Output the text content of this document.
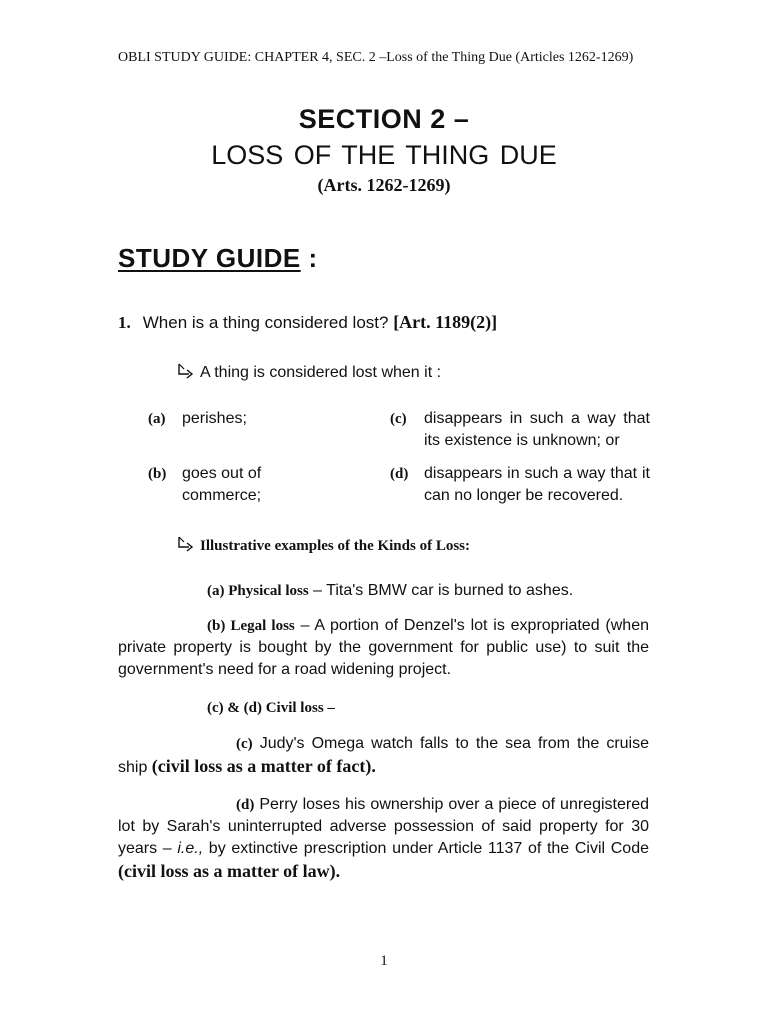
OBLI STUDY GUIDE: CHAPTER 4, SEC. 2 –Loss of the Thing Due (Articles 1262-1269)
SECTION 2 –
LOSS OF THE THING DUE
(Arts. 1262-1269)
STUDY GUIDE :
1. When is a thing considered lost? [Art. 1189(2)]
A thing is considered lost when it :
(a) perishes;
(b) goes out of commerce;
(c) disappears in such a way that its existence is unknown; or
(d) disappears in such a way that it can no longer be recovered.
Illustrative examples of the Kinds of Loss:
(a) Physical loss – Tita's BMW car is burned to ashes.
(b) Legal loss – A portion of Denzel's lot is expropriated (when private property is bought by the government for public use) to suit the government's need for a road widening project.
(c) & (d) Civil loss –
(c) Judy's Omega watch falls to the sea from the cruise ship (civil loss as a matter of fact).
(d) Perry loses his ownership over a piece of unregistered lot by Sarah's uninterrupted adverse possession of said property for 30 years – i.e., by extinctive prescription under Article 1137 of the Civil Code (civil loss as a matter of law).
1
